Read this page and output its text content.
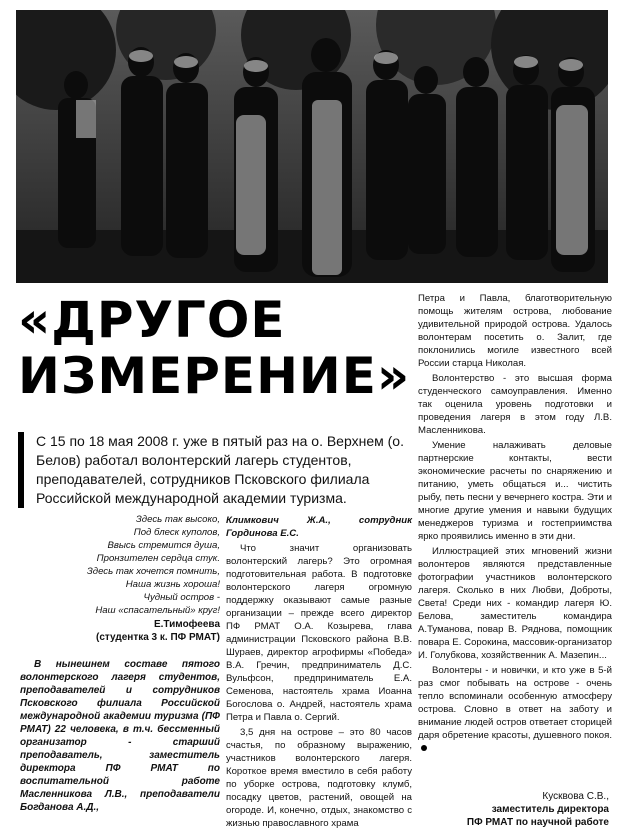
«ДРУГОЕ
ИЗМЕРЕНИЕ»
С 15 по 18 мая 2008 г. уже в пятый раз на о. Верхнем (о. Белов) работал волонтерский лагерь студентов, преподавателей, сотрудников Псковского филиала Российской международной академии туризма.
Здесь так высоко,
Под блеск куполов,
Ввысь стремится душа,
Пронзителен сердца стук.
Здесь так хочется помнить,
Наша жизнь хороша!
Чудный остров -
Наш «спасательный» круг!
Е.Тимофеева
(студентка 3 к. ПФ РМАТ)

В нынешнем составе пятого волонтерского лагеря студентов, преподавателей и сотрудников Псковского филиала Российской международной академии туризма (ПФ РМАТ) 22 человека, в т.ч. бессменный организатор - старший преподаватель, заместитель директора ПФ РМАТ по воспитательной работе Масленникова Л.В., преподаватели Богданова А.Д.,

Климкович Ж.А., сотрудник Гординова Е.С.

Что значит организовать волонтерский лагерь? Это огромная подготовительная работа. В подготовке волонтерского лагеря огромную поддержку оказывают самые разные организации – прежде всего директор ПФ РМАТ О.А. Козырева, глава администрации Псковского района В.В. Шураев, директор агрофирмы «Победа» В.А. Гречин, предприниматель Д.С. Вульфсон, предприниматель Е.А. Семенова, настоятель храма Иоанна Богослова о. Андрей, настоятель храма Петра и Павла о. Сергий.

3,5 дня на острове – это 80 часов счастья, по образному выражению, участников волонтерского лагеря. Короткое время вместило в себя работу по уборке острова, подготовку клумб, посадку цветов, растений, овощей на огороде. И, конечно, отдых, знакомство с жизнью православного храма

Петра и Павла, благотворительную помощь жителям острова, любование удивительной природой острова. Удалось волонтерам посетить о. Залит, где поклонились могиле известного всей России старца Николая.

Волонтерство - это высшая форма студенческого самоуправления. Именно так оценила уровень подготовки и проведения лагеря в этом году Л.В. Масленникова.

Умение налаживать деловые партнерские контакты, вести экономические расчеты по снаряжению и питанию, уметь общаться и... чистить рыбу, петь песни у вечернего костра. Эти и многие другие умения и навыки будущих менеджеров туризма и гостеприимства ярко проявились именно в эти дни.

Иллюстрацией этих мгновений жизни волонтеров являются представленные фотографии участников волонтерского лагеря. Сколько в них Любви, Доброты, Света! Среди них - командир лагеря Ю. Белова, заместитель командира А.Туманова, повар В. Ряднова, помощник повара Е. Сорокина, массовик-организатор И. Голубкова, хозяйственник А. Мазепин...

Волонтеры - и новички, и кто уже в 5-й раз смог побывать на острове - очень тепло вспоминали особенную атмосферу острова. Словно в ответ на заботу и внимание людей остров ответает сторицей даря обретение красоты, душевного покоя.

Кусквова С.В.,
заместитель директора
ПФ РМАТ по научной работе
